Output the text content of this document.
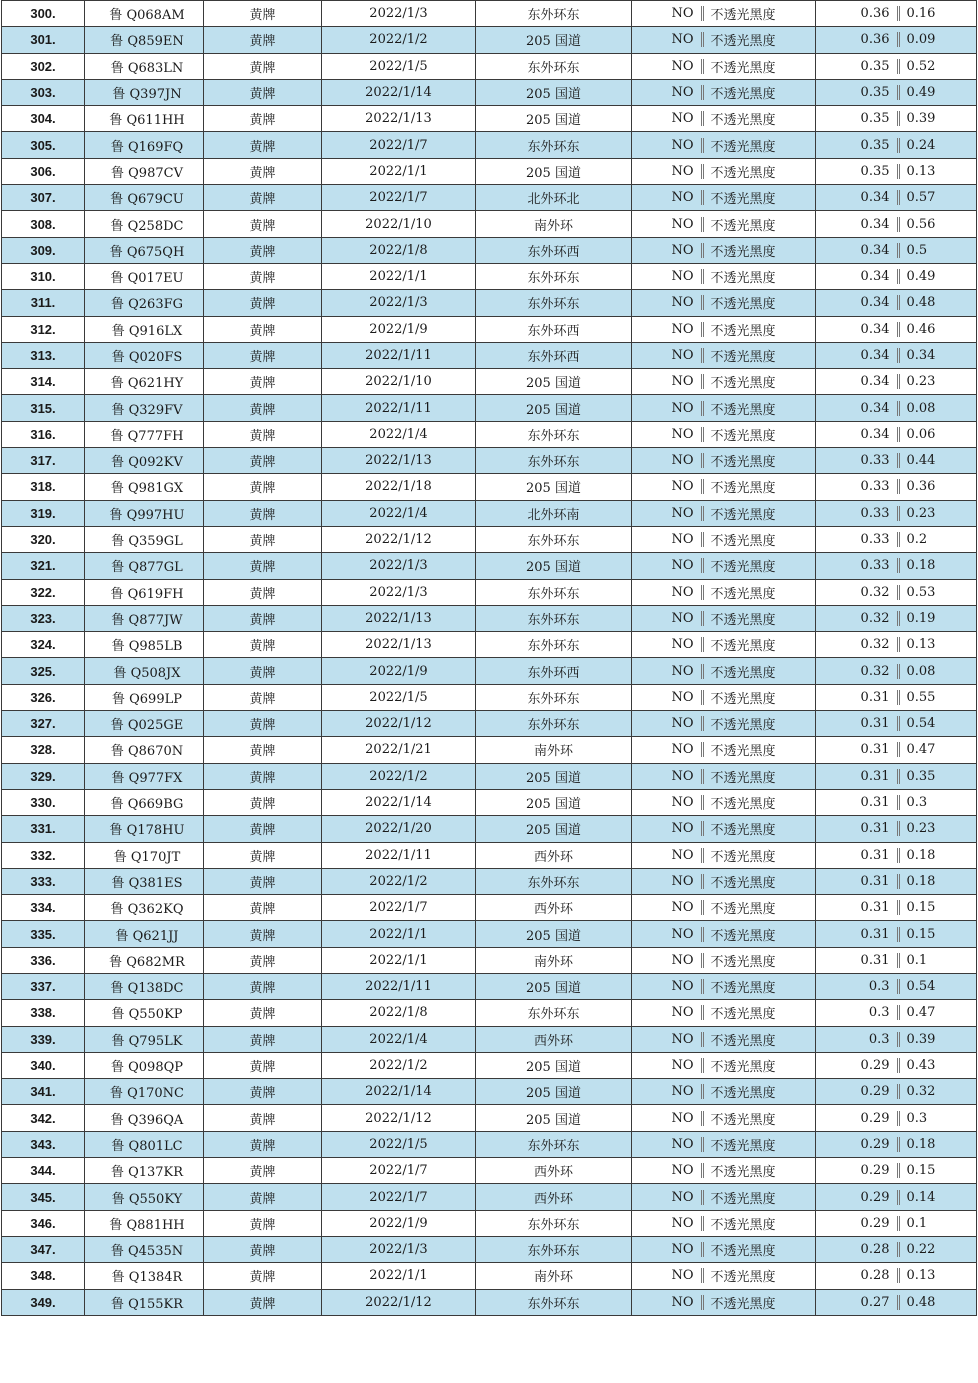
300.	鲁 Q068AM	黄牌	2022/1/3	东外环东	NO 不透光黑度	0.36 0.16

301.	鲁 Q859EN	黄牌	2022/1/2	205 国道	NO 不透光黑度	0.36 0.09

302.	鲁 Q683LN	黄牌	2022/1/5	东外环东	NO 不透光黑度	0.35 0.52

303.	鲁 Q397JN	黄牌	2022/1/14	205 国道	NO 不透光黑度	0.35 0.49

304.	鲁 Q611HH	黄牌	2022/1/13	205 国道	NO 不透光黑度	0.35 0.39

305.	鲁 Q169FQ	黄牌	2022/1/7	东外环东	NO 不透光黑度	0.35 0.24

306.	鲁 Q987CV	黄牌	2022/1/1	205 国道	NO 不透光黑度	0.35 0.13

307.	鲁 Q679CU	黄牌	2022/1/7	北外环北	NO 不透光黑度	0.34 0.57

308.	鲁 Q258DC	黄牌	2022/1/10	南外环	NO 不透光黑度	0.34 0.56

309.	鲁 Q675QH	黄牌	2022/1/8	东外环西	NO 不透光黑度	0.34 0.5

310.	鲁 Q017EU	黄牌	2022/1/1	东外环东	NO 不透光黑度	0.34 0.49

311.	鲁 Q263FG	黄牌	2022/1/3	东外环东	NO 不透光黑度	0.34 0.48

312.	鲁 Q916LX	黄牌	2022/1/9	东外环西	NO 不透光黑度	0.34 0.46

313.	鲁 Q020FS	黄牌	2022/1/11	东外环西	NO 不透光黑度	0.34 0.34

314.	鲁 Q621HY	黄牌	2022/1/10	205 国道	NO 不透光黑度	0.34 0.23

315.	鲁 Q329FV	黄牌	2022/1/11	205 国道	NO 不透光黑度	0.34 0.08

316.	鲁 Q777FH	黄牌	2022/1/4	东外环东	NO 不透光黑度	0.34 0.06

317.	鲁 Q092KV	黄牌	2022/1/13	东外环东	NO 不透光黑度	0.33 0.44

318.	鲁 Q981GX	黄牌	2022/1/18	205 国道	NO 不透光黑度	0.33 0.36

319.	鲁 Q997HU	黄牌	2022/1/4	北外环南	NO 不透光黑度	0.33 0.23

320.	鲁 Q359GL	黄牌	2022/1/12	东外环东	NO 不透光黑度	0.33 0.2

321.	鲁 Q877GL	黄牌	2022/1/3	205 国道	NO 不透光黑度	0.33 0.18

322.	鲁 Q619FH	黄牌	2022/1/3	东外环东	NO 不透光黑度	0.32 0.53

323.	鲁 Q877JW	黄牌	2022/1/13	东外环东	NO 不透光黑度	0.32 0.19

324.	鲁 Q985LB	黄牌	2022/1/13	东外环东	NO 不透光黑度	0.32 0.13

325.	鲁 Q508JX	黄牌	2022/1/9	东外环西	NO 不透光黑度	0.32 0.08

326.	鲁 Q699LP	黄牌	2022/1/5	东外环东	NO 不透光黑度	0.31 0.55

327.	鲁 Q025GE	黄牌	2022/1/12	东外环东	NO 不透光黑度	0.31 0.54

328.	鲁 Q8670N	黄牌	2022/1/21	南外环	NO 不透光黑度	0.31 0.47

329.	鲁 Q977FX	黄牌	2022/1/2	205 国道	NO 不透光黑度	0.31 0.35

330.	鲁 Q669BG	黄牌	2022/1/14	205 国道	NO 不透光黑度	0.31 0.3

331.	鲁 Q178HU	黄牌	2022/1/20	205 国道	NO 不透光黑度	0.31 0.23

332.	鲁 Q170JT	黄牌	2022/1/11	西外环	NO 不透光黑度	0.31 0.18

333.	鲁 Q381ES	黄牌	2022/1/2	东外环东	NO 不透光黑度	0.31 0.18

334.	鲁 Q362KQ	黄牌	2022/1/7	西外环	NO 不透光黑度	0.31 0.15

335.	鲁 Q621JJ	黄牌	2022/1/1	205 国道	NO 不透光黑度	0.31 0.15

336.	鲁 Q682MR	黄牌	2022/1/1	南外环	NO 不透光黑度	0.31 0.1

337.	鲁 Q138DC	黄牌	2022/1/11	205 国道	NO 不透光黑度	0.3 0.54

338.	鲁 Q550KP	黄牌	2022/1/8	东外环东	NO 不透光黑度	0.3 0.47

339.	鲁 Q795LK	黄牌	2022/1/4	西外环	NO 不透光黑度	0.3 0.39

340.	鲁 Q098QP	黄牌	2022/1/2	205 国道	NO 不透光黑度	0.29 0.43

341.	鲁 Q170NC	黄牌	2022/1/14	205 国道	NO 不透光黑度	0.29 0.32

342.	鲁 Q396QA	黄牌	2022/1/12	205 国道	NO 不透光黑度	0.29 0.3

343.	鲁 Q801LC	黄牌	2022/1/5	东外环东	NO 不透光黑度	0.29 0.18

344.	鲁 Q137KR	黄牌	2022/1/7	西外环	NO 不透光黑度	0.29 0.15

345.	鲁 Q550KY	黄牌	2022/1/7	西外环	NO 不透光黑度	0.29 0.14

346.	鲁 Q881HH	黄牌	2022/1/9	东外环东	NO 不透光黑度	0.29 0.1

347.	鲁 Q4535N	黄牌	2022/1/3	东外环东	NO 不透光黑度	0.28 0.22

348.	鲁 Q1384R	黄牌	2022/1/1	南外环	NO 不透光黑度	0.28 0.13

349.	鲁 Q155KR	黄牌	2022/1/12	东外环东	NO 不透光黑度	0.27 0.48
